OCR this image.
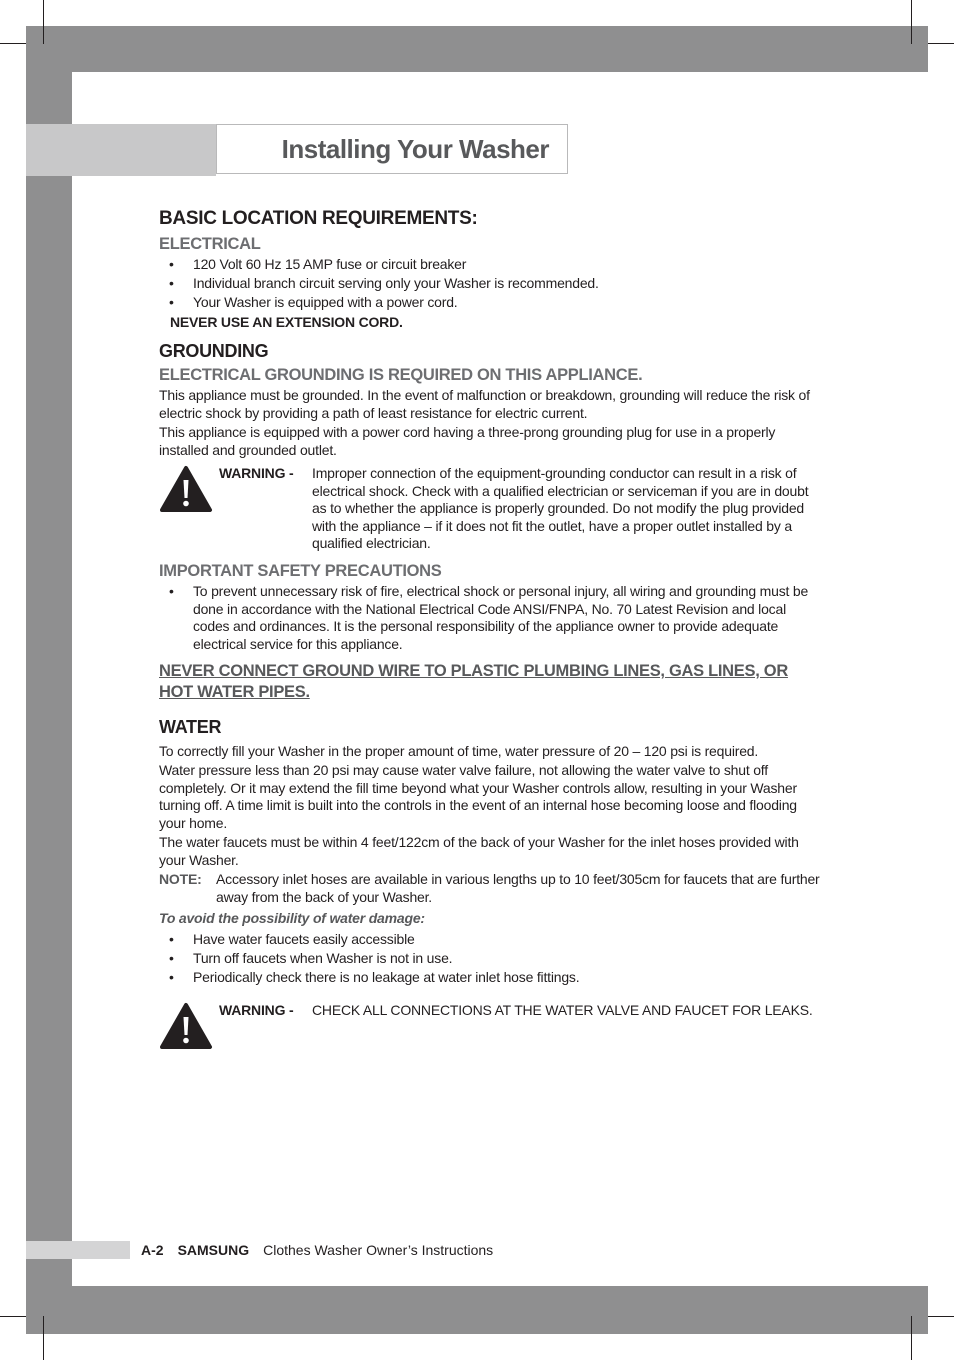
Installing Your Washer
BASIC LOCATION REQUIREMENTS:
ELECTRICAL
• 120 Volt 60 Hz 15 AMP fuse or circuit breaker
• Individual branch circuit serving only your Washer is recommended.
• Your Washer is equipped with a power cord.

NEVER USE AN EXTENSION CORD.

GROUNDING
ELECTRICAL GROUNDING IS REQUIRED ON THIS APPLIANCE.

This appliance must be grounded. In the event of malfunction or breakdown, grounding will reduce the risk of electric shock by providing a path of least resistance for electric current.

This appliance is equipped with a power cord having a three-prong grounding plug for use in a properly installed and grounded outlet.

WARNING -	Improper connection of the equipment-grounding conductor can result in a risk of electrical shock. Check with a qualified electrician or serviceman if you are in doubt as to whether the appliance is properly grounded. Do not modify the plug provided with the appliance – if it does not fit the outlet, have a proper outlet installed by a qualified electrician.
IMPORTANT SAFETY PRECAUTIONS
• To prevent unnecessary risk of fire, electrical shock or personal injury, all wiring and grounding must be done in accordance with the National Electrical Code ANSI/FNPA, No. 70 Latest Revision and local codes and ordinances. It is the personal responsibility of the appliance owner to provide adequate electrical service for this appliance.
NEVER CONNECT GROUND WIRE TO PLASTIC PLUMBING LINES, GAS LINES, OR HOT WATER PIPES.
WATER

To correctly fill your Washer in the proper amount of time, water pressure of 20 – 120 psi is required.

Water pressure less than 20 psi may cause water valve failure, not allowing the water valve to shut off completely. Or it may extend the fill time beyond what your Washer controls allow, resulting in your Washer turning off. A time limit is built into the controls in the event of an internal hose becoming loose and flooding your home.

The water faucets must be within 4 feet/122cm of the back of your Washer for the inlet hoses provided with your Washer.

NOTE:	Accessory inlet hoses are available in various lengths up to 10 feet/305cm for faucets that are further away from the back of your Washer.
To avoid the possibility of water damage:
• Have water faucets easily accessible
• Turn off faucets when Washer is not in use.
• Periodically check there is no leakage at water inlet hose fittings.
WARNING -	CHECK ALL CONNECTIONS AT THE WATER VALVE AND FAUCET FOR LEAKS.
A-2 SAMSUNG Clothes Washer Owner’s Instructions
